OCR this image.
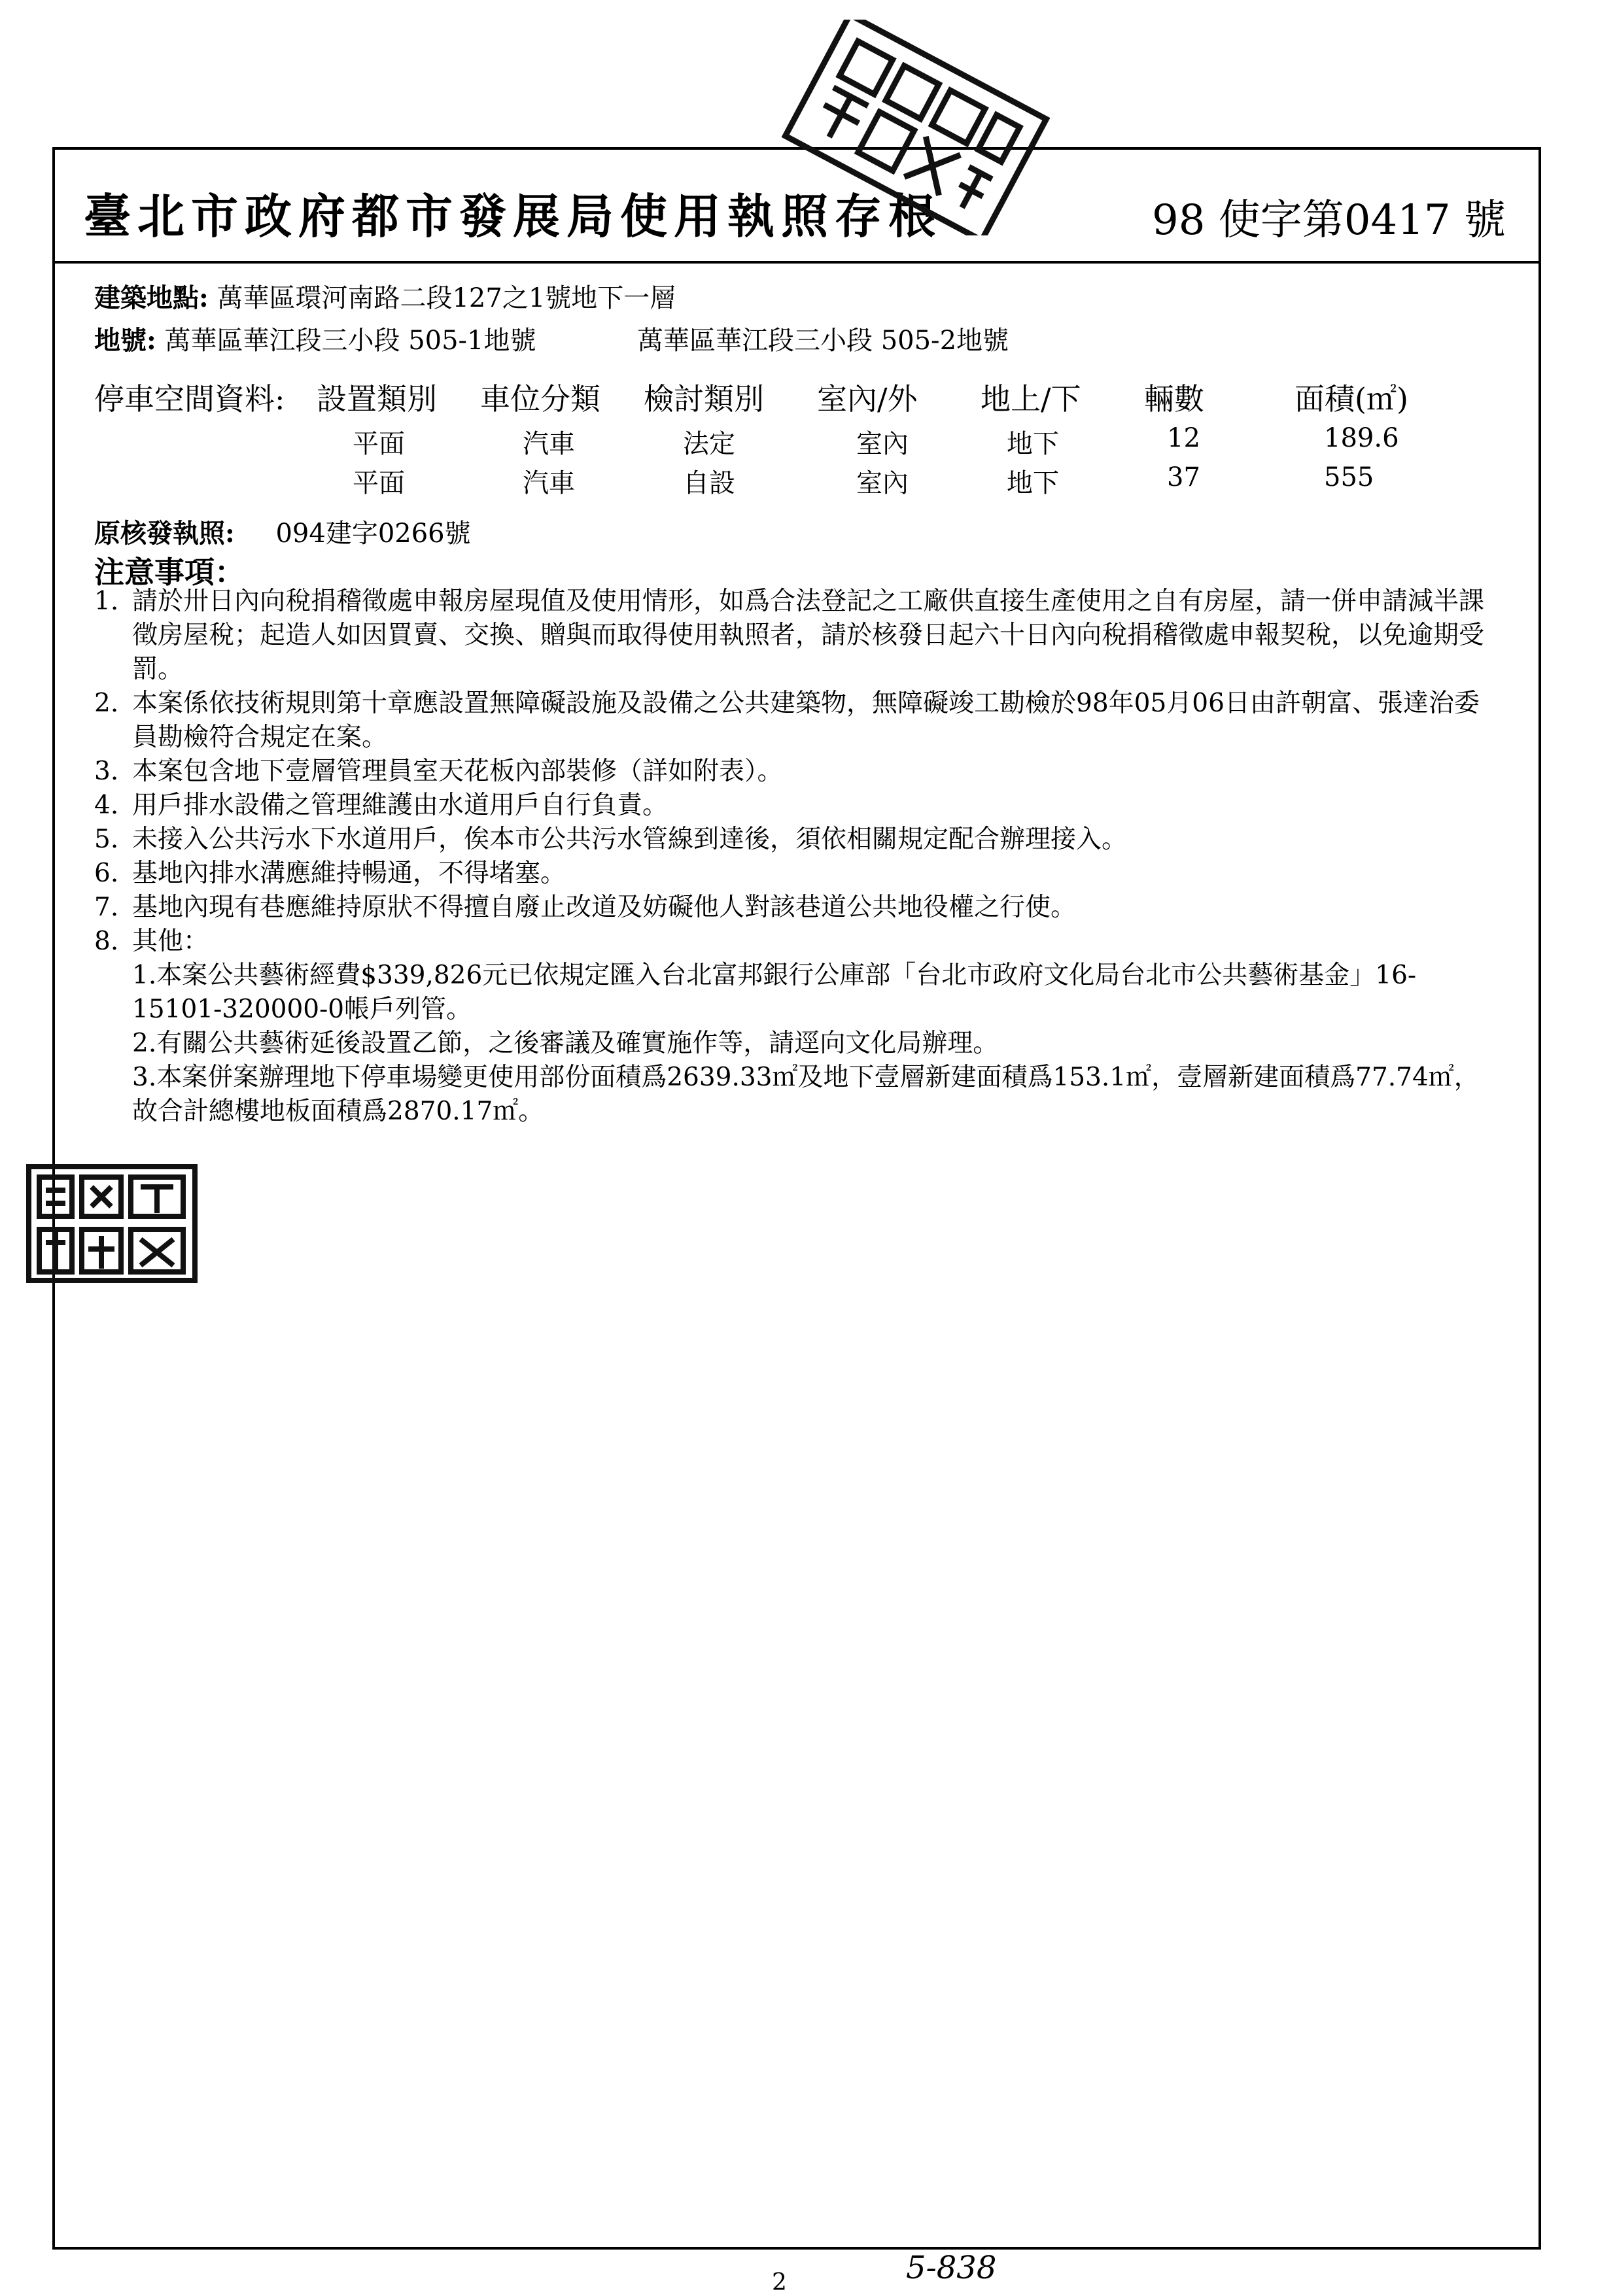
臺北市政府都市發展局使用執照存根	98 使字第0417 號
建築地點: 萬華區環河南路二段127之1號地下一層
地號: 萬華區華江段三小段 505-1地號	萬華區華江段三小段 505-2地號
停車空間資料: 設置類別 車位分類 檢討類別 室內/外 地上/下 輛數	面積(㎡)
平面	汽車	法定	室內	地下	12	189.6
平面	汽車	自設	室內	地下	37	555
原核發執照: 094建字0266號
注意事項：

1. 請於卅日內向稅捐稽徵處申報房屋現值及使用情形，如爲合法登記之工廠供直接生產使用之自有房屋，請一併申請減半課徵房屋稅；起造人如因買賣、交換、贈與而取得使用執照者，請於核發日起六十日內向稅捐稽徵處申報契稅，以免逾期受罰。

2. 本案係依技術規則第十章應設置無障礙設施及設備之公共建築物，無障礙竣工勘檢於98年05月06日由許朝富、張達治委員勘檢符合規定在案。

3. 本案包含地下壹層管理員室天花板內部裝修（詳如附表）。

4. 用戶排水設備之管理維護由水道用戶自行負責。

5. 未接入公共污水下水道用戶，俟本市公共污水管線到達後，須依相關規定配合辦理接入。

6. 基地內排水溝應維持暢通，不得堵塞。

7. 基地內現有巷應維持原狀不得擅自廢止改道及妨礙他人對該巷道公共地役權之行使。

8. 其他：

1.本案公共藝術經費$339,826元已依規定匯入台北富邦銀行公庫部「台北市政府文化局台北市公共藝術基金」16-15101-320000-0帳戶列管。

2.有關公共藝術延後設置乙節，之後審議及確實施作等，請逕向文化局辦理。

3.本案併案辦理地下停車場變更使用部份面積爲2639.33㎡及地下壹層新建面積爲153.1㎡，壹層新建面積爲77.74㎡，故合計總樓地板面積爲2870.17㎡。

5-838
2
